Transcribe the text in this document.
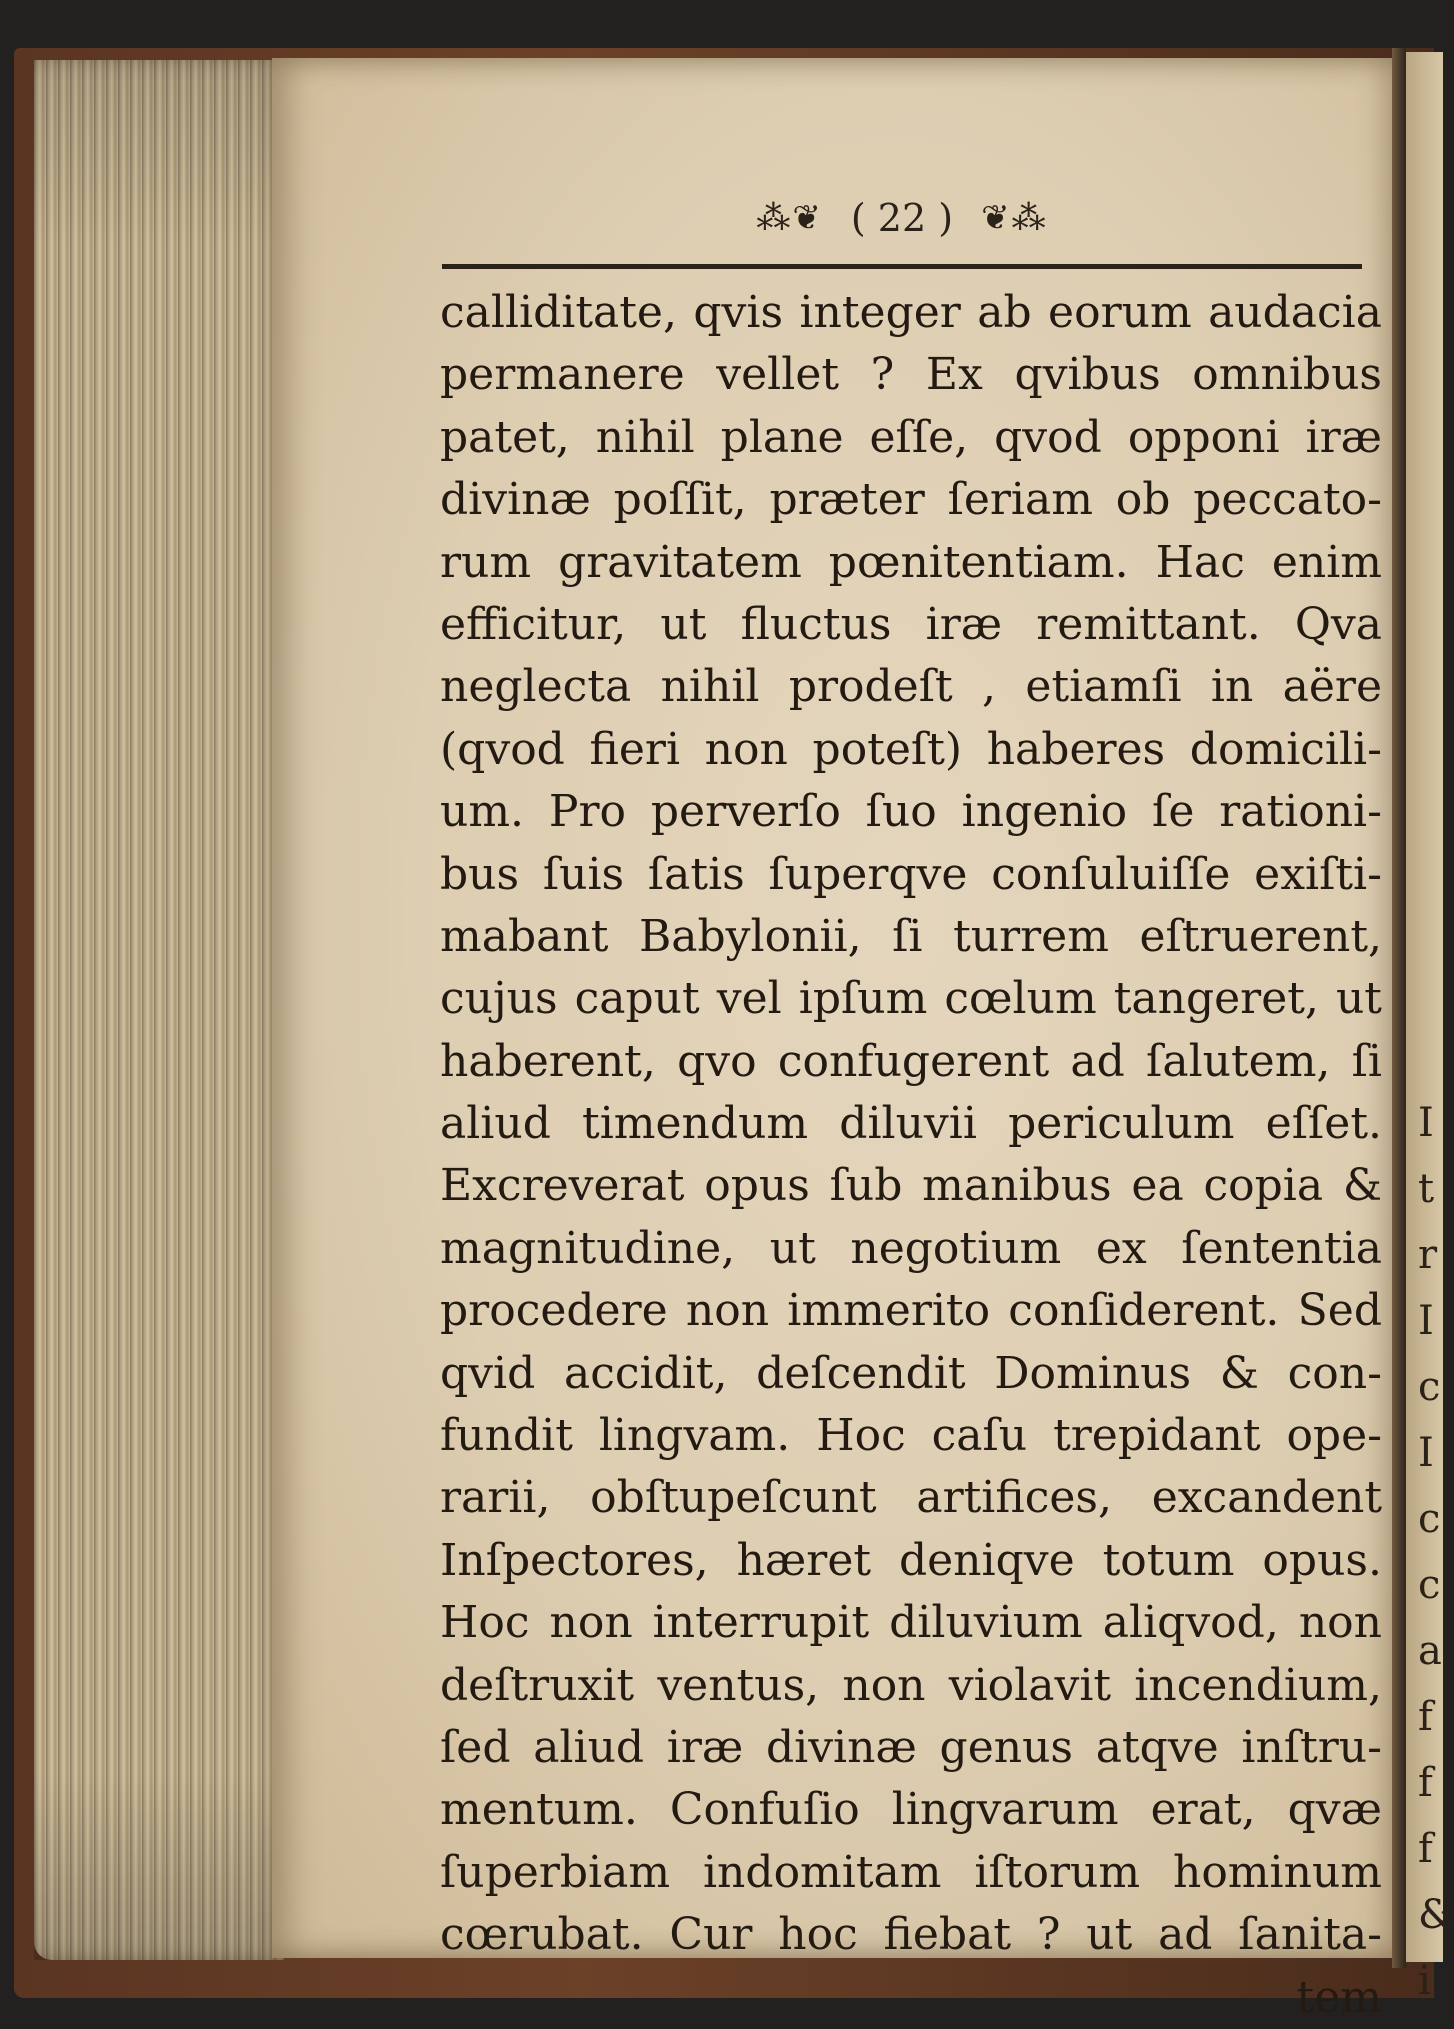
I
t
r
I
c
I
c
c
a
f
f
f
&
i
⁂❦ ( 22 ) ❦⁂
calliditate, qvis integer ab eorum audacia
permanere vellet ? Ex qvibus omnibus
patet, nihil plane eſſe, qvod opponi iræ
divinæ poſſit, præter ſeriam ob peccato-
rum gravitatem pœnitentiam. Hac enim
efficitur, ut fluctus iræ remittant. Qva
neglecta nihil prodeſt , etiamſi in aëre
(qvod fieri non poteſt) haberes domicili-
um. Pro perverſo ſuo ingenio ſe rationi-
bus ſuis ſatis ſuperqve conſuluiſſe exiſti-
mabant Babylonii, ſi turrem eſtruerent,
cujus caput vel ipſum cœlum tangeret, ut
haberent, qvo confugerent ad ſalutem, ſi
aliud timendum diluvii periculum eſſet.
Excreverat opus ſub manibus ea copia &
magnitudine, ut negotium ex ſententia
procedere non immerito conſiderent. Sed
qvid accidit, deſcendit Dominus & con-
fundit lingvam. Hoc caſu trepidant ope-
rarii, obſtupeſcunt artifices, excandent
Inſpectores, hæret deniqve totum opus.
Hoc non interrupit diluvium aliqvod, non
deſtruxit ventus, non violavit incendium,
ſed aliud iræ divinæ genus atqve inſtru-
mentum. Confuſio lingvarum erat, qvæ
ſuperbiam indomitam iſtorum hominum
cœrubat. Cur hoc fiebat ? ut ad ſanita-
tem
